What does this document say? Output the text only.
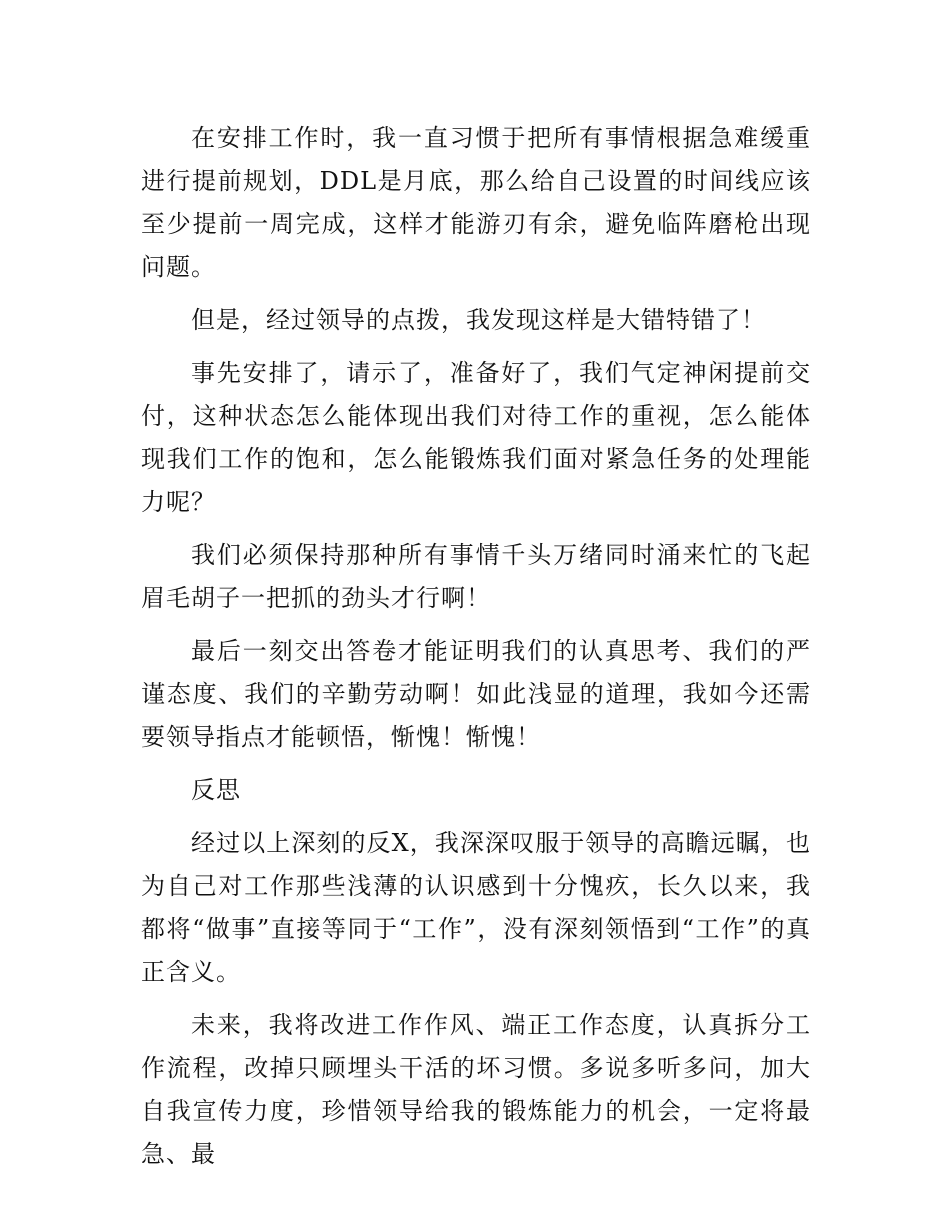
在安排工作时，我一直习惯于把所有事情根据急难缓重进行提前规划，DDL是月底，那么给自己设置的时间线应该至少提前一周完成，这样才能游刃有余，避免临阵磨枪出现问题。

但是，经过领导的点拨，我发现这样是大错特错了！

事先安排了，请示了，准备好了，我们气定神闲提前交付，这种状态怎么能体现出我们对待工作的重视，怎么能体现我们工作的饱和，怎么能锻炼我们面对紧急任务的处理能力呢？

我们必须保持那种所有事情千头万绪同时涌来忙的飞起眉毛胡子一把抓的劲头才行啊！

最后一刻交出答卷才能证明我们的认真思考、我们的严谨态度、我们的辛勤劳动啊！如此浅显的道理，我如今还需要领导指点才能顿悟，惭愧！惭愧！

反思

经过以上深刻的反X，我深深叹服于领导的高瞻远瞩，也为自己对工作那些浅薄的认识感到十分愧疚，长久以来，我都将“做事”直接等同于“工作”，没有深刻领悟到“工作”的真正含义。

未来，我将改进工作作风、端正工作态度，认真拆分工作流程，改掉只顾埋头干活的坏习惯。多说多听多问，加大自我宣传力度，珍惜领导给我的锻炼能力的机会，一定将最急、最
